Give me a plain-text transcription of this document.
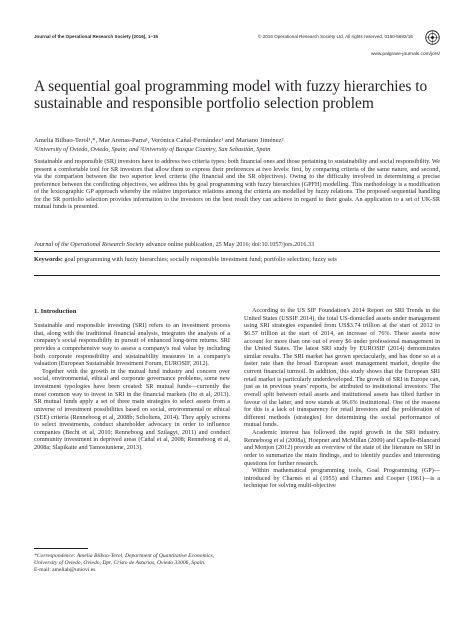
Journal of the Operational Research Society (2016), 1–15	© 2016 Operational Research Society Ltd. All rights reserved. 0160-5682/16
www.palgrave-journals.com/jors/
A sequential goal programming model with fuzzy hierarchies to sustainable and responsible portfolio selection problem
Amelia Bilbao-Terol¹,*, Mar Arenas-Parra¹, Verónica Cañal-Fernández¹ and Mariano Jiménez²
¹University of Oviedo, Oviedo, Spain; and ²University of Basque Country, San Sebastián, Spain

Sustainable and responsible (SR) investors have to address two criteria types: both financial ones and those pertaining to sustainability and social responsibility. We present a comfortable tool for SR investors that allow them to express their preferences at two levels: first, by comparing criteria of the same nature, and second, via the comparison between the two superior level criteria (the financial and the SR objectives). Owing to the difficulty involved in determining a precise preference between the conflicting objectives, we address this by goal programming with fuzzy hierarchies (GPFH) modelling. This methodology is a modification of the lexicographic GP approach whereby the relative importance relations among the criteria are modelled by fuzzy relations. The proposed sequential handling for the SR portfolio selection provides information to the investors on the best result they can achieve in regard to their goals. An application to a set of UK-SR mutual funds is presented.

Journal of the Operational Research Society advance online publication, 25 May 2016; doi:10.1057/jors.2016.33

Keywords: goal programming with fuzzy hierarchies; socially responsible investment fund; portfolio selection; fuzzy sets

1. Introduction

Sustainable and responsible investing (SRI) refers to an investment process that, along with the traditional financial analysis, integrates the analysis of a company's social responsibility in pursuit of enhanced long-term returns. SRI provides a comprehensive way to assess a company's real value by including both corporate responsibility and sustainability measures in a company's valuation (European Sustainable Investment Forum, EUROSIF, 2012).

Together with the growth in the mutual fund industry and concern over social, environmental, ethical and corporate governance problems, some new investment typologies have been created: SR mutual funds—currently the most common way to invest in SRI in the financial markets (Ito et al, 2013). SR mutual funds apply a set of three main strategies to select assets from a universe of investment possibilities based on social, environmental or ethical (SEE) criteria (Renneboog et al, 2008b; Scholtens, 2014). They apply screens to select investments, conduct shareholder advocacy in order to influence companies (Becht et al, 2010; Renneboog and Szilagyi, 2011) and conduct community investment in deprived areas (Cañal et al, 2008; Renneboog et al, 2008a; Slapikaite and Tamosiuniene, 2013).

*Correspondence: Amelia Bilbao-Terol, Department of Quantitative Economics, University of Oviedo, Oviedo, Dpt. Cristo de Asturias, Oviedo 33006, Spain.
E-mail: ameliab@uniovi.es

According to the US SIF Foundation's 2014 Report on SRI Trends in the United States (USSIF 2014), the total US-domiciled assets under management using SRI strategies expanded from US$3.74 trillion at the start of 2012 to $6.57 trillion at the start of 2014, an increase of 76%. These assets now account for more than one out of every $6 under professional management in the United States. The latest SRI study by EUROSIF (2014) demonstrates similar results. The SRI market has grown spectacularly, and has done so at a faster rate than the broad European asset management market, despite the current financial turmoil. In addition, this study shows that the European SRI retail market is particularly underdeveloped. The growth of SRI in Europe can, just as in previous years' reports, be attributed to institutional investors. The overall split between retail assets and institutional assets has tilted further in favour of the latter, and now stands at 96.6% institutional. One of the reasons for this is a lack of transparency for retail investors and the proliferation of different methods (strategies) for determining the social performance of mutual funds.

Academic interest has followed the rapid growth in the SRI industry. Renneboog et al (2008a), Hoepner and McMillan (2009) and Capelle-Blancard and Monjon (2012) provide an overview of the state of the literature on SRI in order to summarize the main findings, and to identify puzzles and interesting questions for further research.

Within mathematical programming tools, Goal Programming (GP)—introduced by Charnes et al (1955) and Charnes and Cooper (1961)—is a technique for solving multi-objective
